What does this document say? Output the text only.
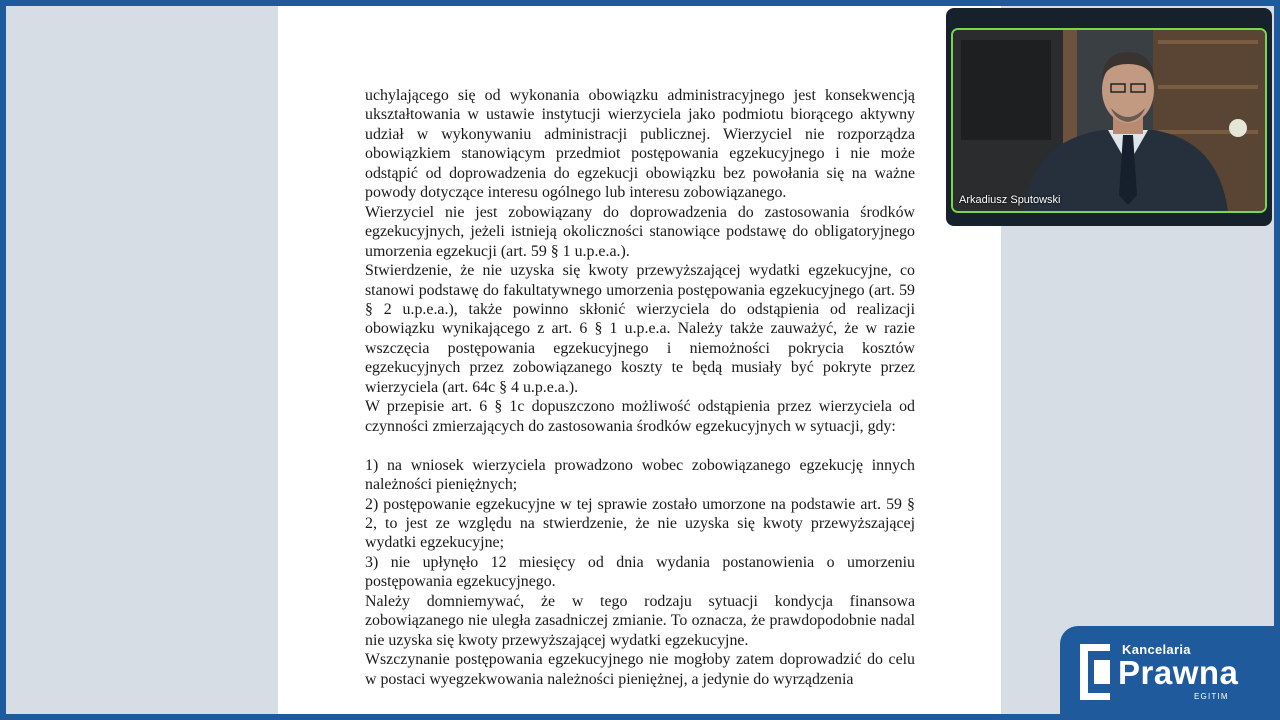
uchylającego się od wykonania obowiązku administracyjnego jest konsekwencją ukształtowania w ustawie instytucji wierzyciela jako podmiotu biorącego aktywny udział w wykonywaniu administracji publicznej. Wierzyciel nie rozporządza obowiązkiem stanowiącym przedmiot postępowania egzekucyjnego i nie może odstąpić od doprowadzenia do egzekucji obowiązku bez powołania się na ważne powody dotyczące interesu ogólnego lub interesu zobowiązanego.

Wierzyciel nie jest zobowiązany do doprowadzenia do zastosowania środków egzekucyjnych, jeżeli istnieją okoliczności stanowiące podstawę do obligatoryjnego umorzenia egzekucji (art. 59 § 1 u.p.e.a.).

Stwierdzenie, że nie uzyska się kwoty przewyższającej wydatki egzekucyjne, co stanowi podstawę do fakultatywnego umorzenia postępowania egzekucyjnego (art. 59 § 2 u.p.e.a.), także powinno skłonić wierzyciela do odstąpienia od realizacji obowiązku wynikającego z art. 6 § 1 u.p.e.a. Należy także zauważyć, że w razie wszczęcia postępowania egzekucyjnego i niemożności pokrycia kosztów egzekucyjnych przez zobowiązanego koszty te będą musiały być pokryte przez wierzyciela (art. 64c § 4 u.p.e.a.).

W przepisie art. 6 § 1c dopuszczono możliwość odstąpienia przez wierzyciela od czynności zmierzających do zastosowania środków egzekucyjnych w sytuacji, gdy:

1) na wniosek wierzyciela prowadzono wobec zobowiązanego egzekucję innych należności pieniężnych;

2) postępowanie egzekucyjne w tej sprawie zostało umorzone na podstawie art. 59 § 2, to jest ze względu na stwierdzenie, że nie uzyska się kwoty przewyższającej wydatki egzekucyjne;

3) nie upłynęło 12 miesięcy od dnia wydania postanowienia o umorzeniu postępowania egzekucyjnego.

Należy domniemywać, że w tego rodzaju sytuacji kondycja finansowa zobowiązanego nie uległa zasadniczej zmianie. To oznacza, że prawdopodobnie nadal nie uzyska się kwoty przewyższającej wydatki egzekucyjne.

Wszczynanie postępowania egzekucyjnego nie mogłoby zatem doprowadzić do celu w postaci wyegzekwowania należności pieniężnej, a jedynie do wyrządzenia

Arkadiusz Sputowski
Kancelaria
Prawna
EGITIM
